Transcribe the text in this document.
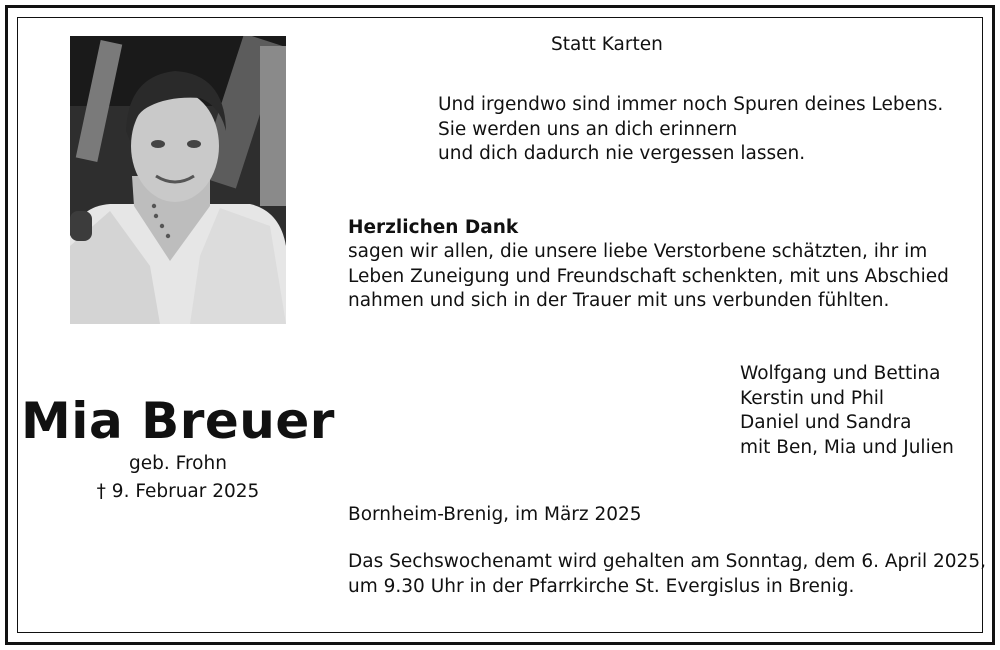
Mia Breuer
geb. Frohn
† 9. Februar 2025
Statt Karten
Und irgendwo sind immer noch Spuren deines Lebens.
Sie werden uns an dich erinnern
und dich dadurch nie vergessen lassen.
Herzlichen Dank
sagen wir allen, die unsere liebe Verstorbene schätzten, ihr im
Leben Zuneigung und Freundschaft schenkten, mit uns Abschied
nahmen und sich in der Trauer mit uns verbunden fühlten.
Wolfgang und Bettina
Kerstin und Phil
Daniel und Sandra
mit Ben, Mia und Julien
Bornheim-Brenig, im März 2025
Das Sechswochenamt wird gehalten am Sonntag, dem 6. April 2025,
um 9.30 Uhr in der Pfarrkirche St. Evergislus in Brenig.
